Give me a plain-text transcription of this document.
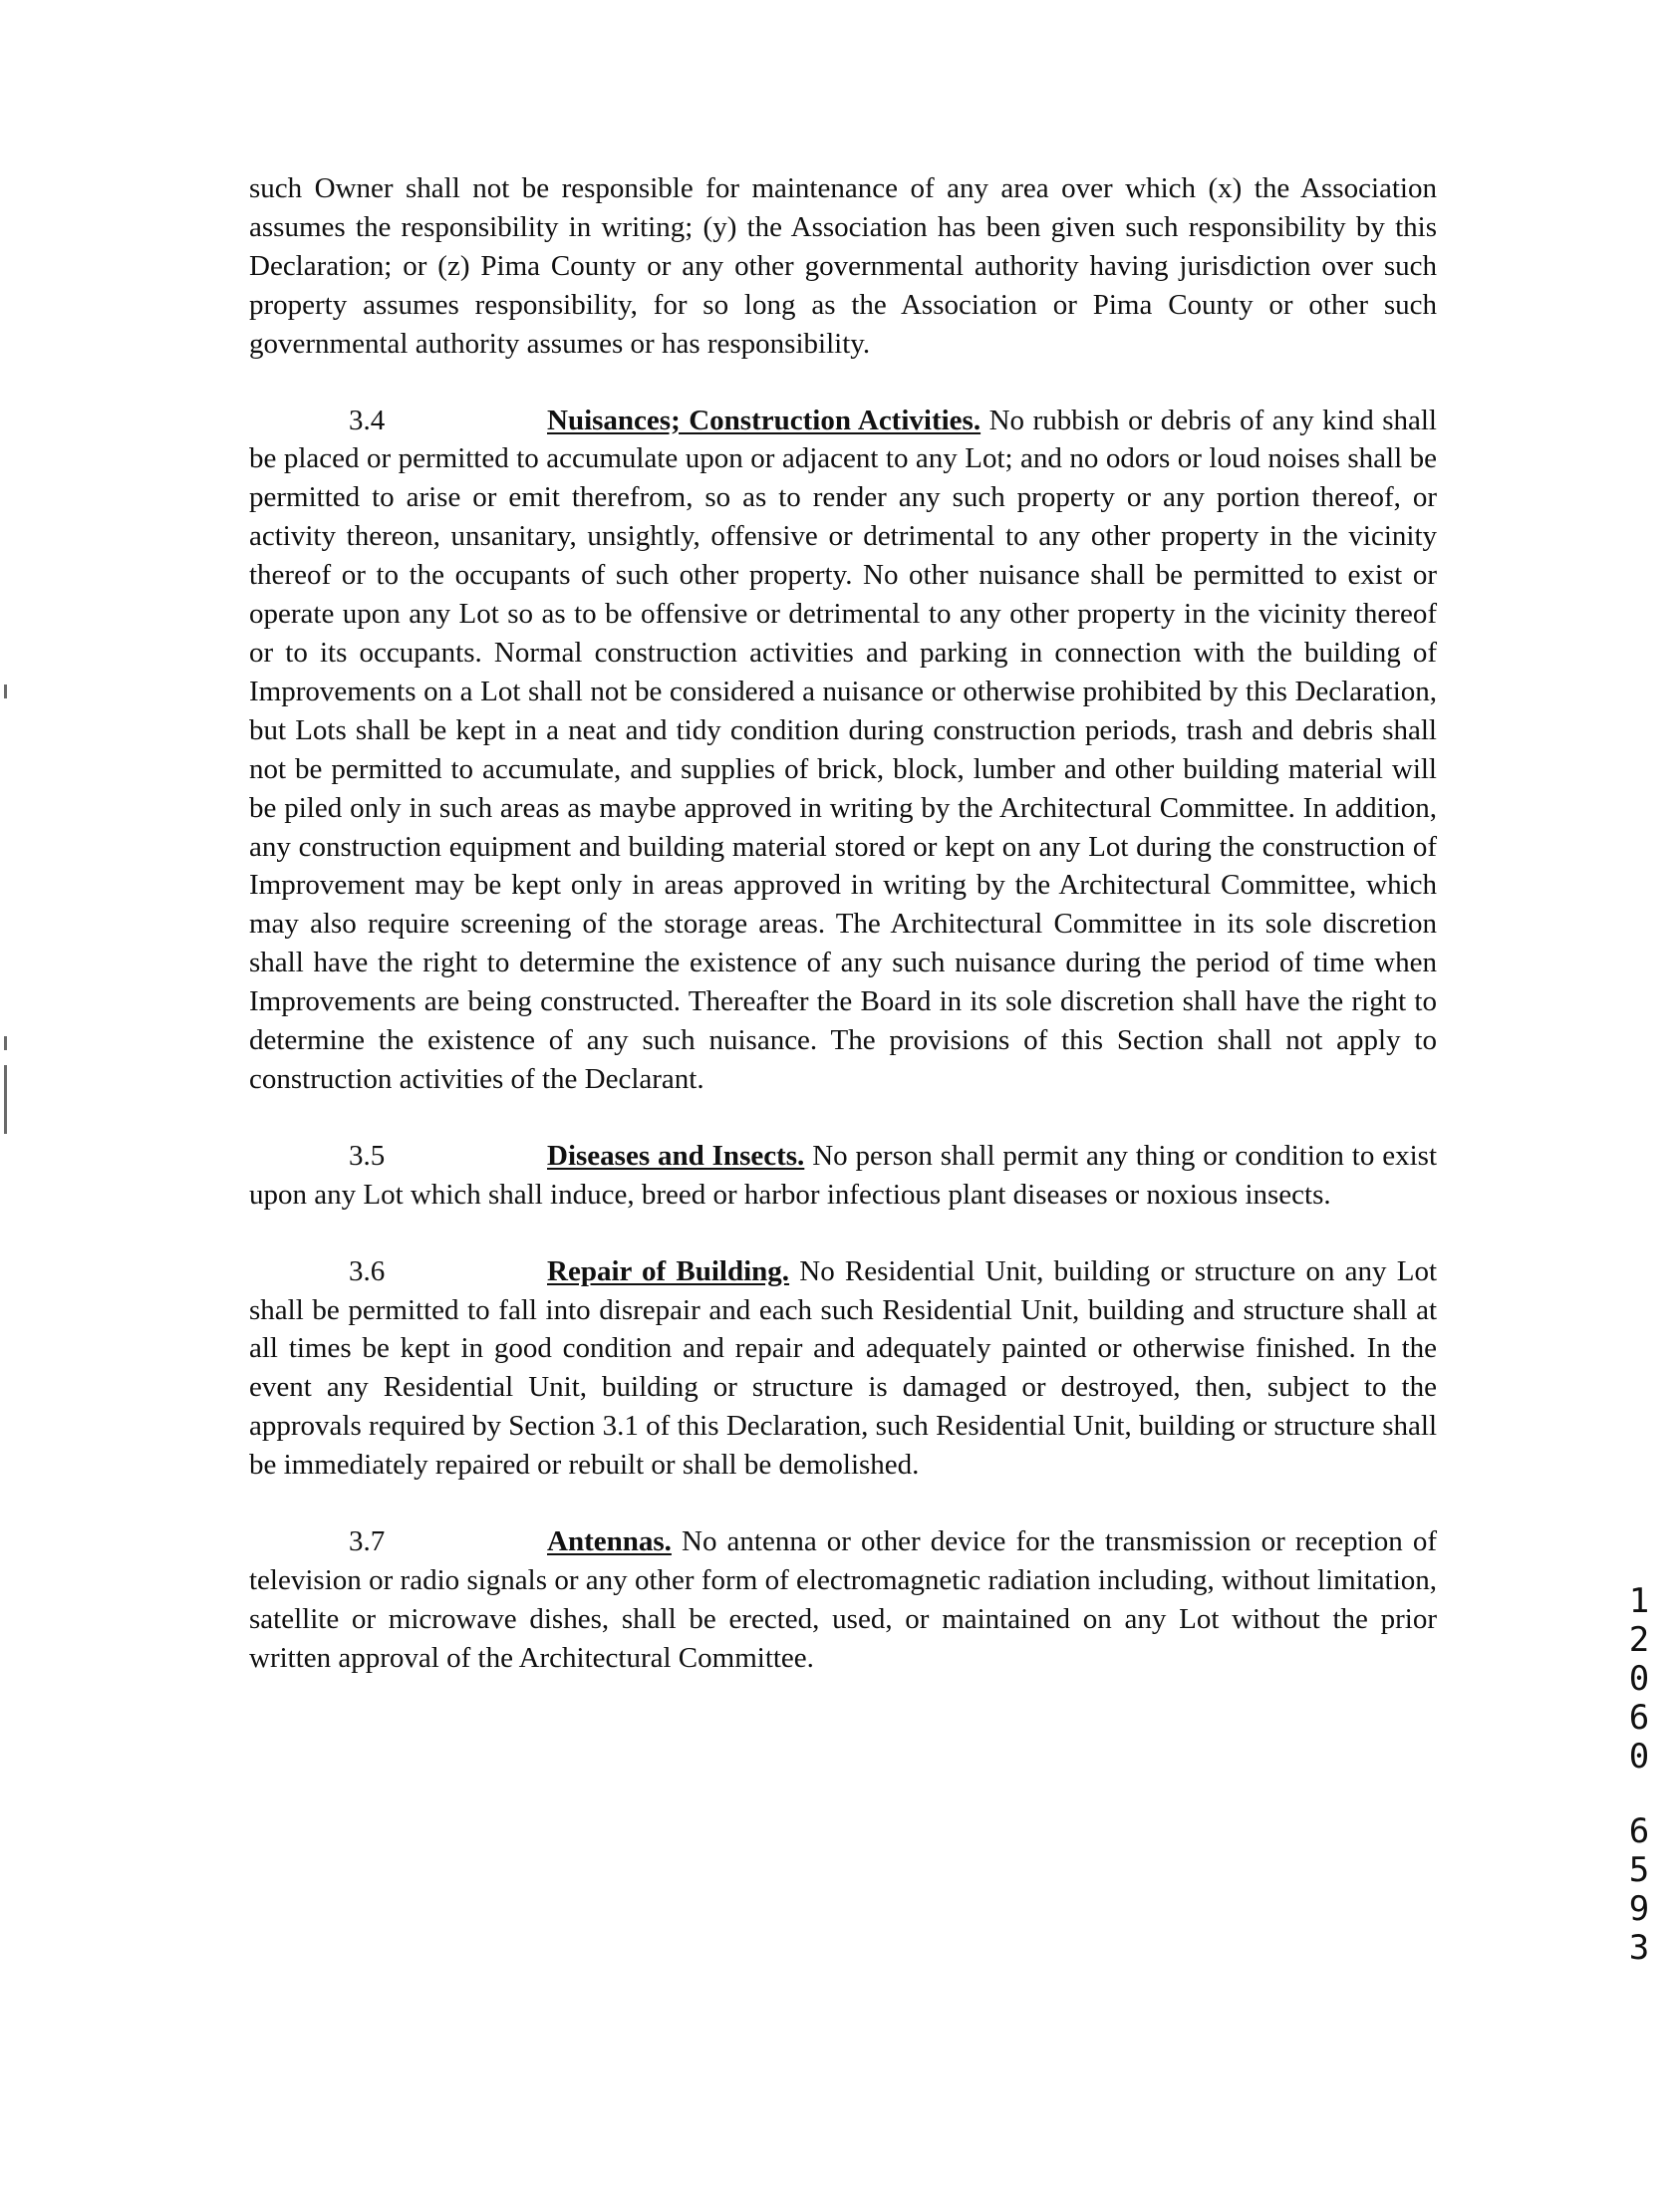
such Owner shall not be responsible for maintenance of any area over which (x) the Association assumes the responsibility in writing; (y) the Association has been given such responsibility by this Declaration; or (z) Pima County or any other governmental authority having jurisdiction over such property assumes responsibility, for so long as the Association or Pima County or other such governmental authority assumes or has responsibility.

3.4	Nuisances; Construction Activities. No rubbish or debris of any kind shall be placed or permitted to accumulate upon or adjacent to any Lot; and no odors or loud noises shall be permitted to arise or emit therefrom, so as to render any such property or any portion thereof, or activity thereon, unsanitary, unsightly, offensive or detrimental to any other property in the vicinity thereof or to the occupants of such other property. No other nuisance shall be permitted to exist or operate upon any Lot so as to be offensive or detrimental to any other property in the vicinity thereof or to its occupants. Normal construction activities and parking in connection with the building of Improvements on a Lot shall not be considered a nuisance or otherwise prohibited by this Declaration, but Lots shall be kept in a neat and tidy condition during construction periods, trash and debris shall not be permitted to accumulate, and supplies of brick, block, lumber and other building material will be piled only in such areas as maybe approved in writing by the Architectural Committee. In addition, any construction equipment and building material stored or kept on any Lot during the construction of Improvement may be kept only in areas approved in writing by the Architectural Committee, which may also require screening of the storage areas. The Architectural Committee in its sole discretion shall have the right to determine the existence of any such nuisance during the period of time when Improvements are being constructed. Thereafter the Board in its sole discretion shall have the right to determine the existence of any such nuisance. The provisions of this Section shall not apply to construction activities of the Declarant.

3.5	Diseases and Insects. No person shall permit any thing or condition to exist upon any Lot which shall induce, breed or harbor infectious plant diseases or noxious insects.

3.6	Repair of Building. No Residential Unit, building or structure on any Lot shall be permitted to fall into disrepair and each such Residential Unit, building and structure shall at all times be kept in good condition and repair and adequately painted or otherwise finished. In the event any Residential Unit, building or structure is damaged or destroyed, then, subject to the approvals required by Section 3.1 of this Declaration, such Residential Unit, building or structure shall be immediately repaired or rebuilt or shall be demolished.

3.7	Antennas. No antenna or other device for the transmission or reception of television or radio signals or any other form of electromagnetic radiation including, without limitation, satellite or microwave dishes, shall be erected, used, or maintained on any Lot without the prior written approval of the Architectural Committee.

1
2
0
6
0
6
5
9
3
